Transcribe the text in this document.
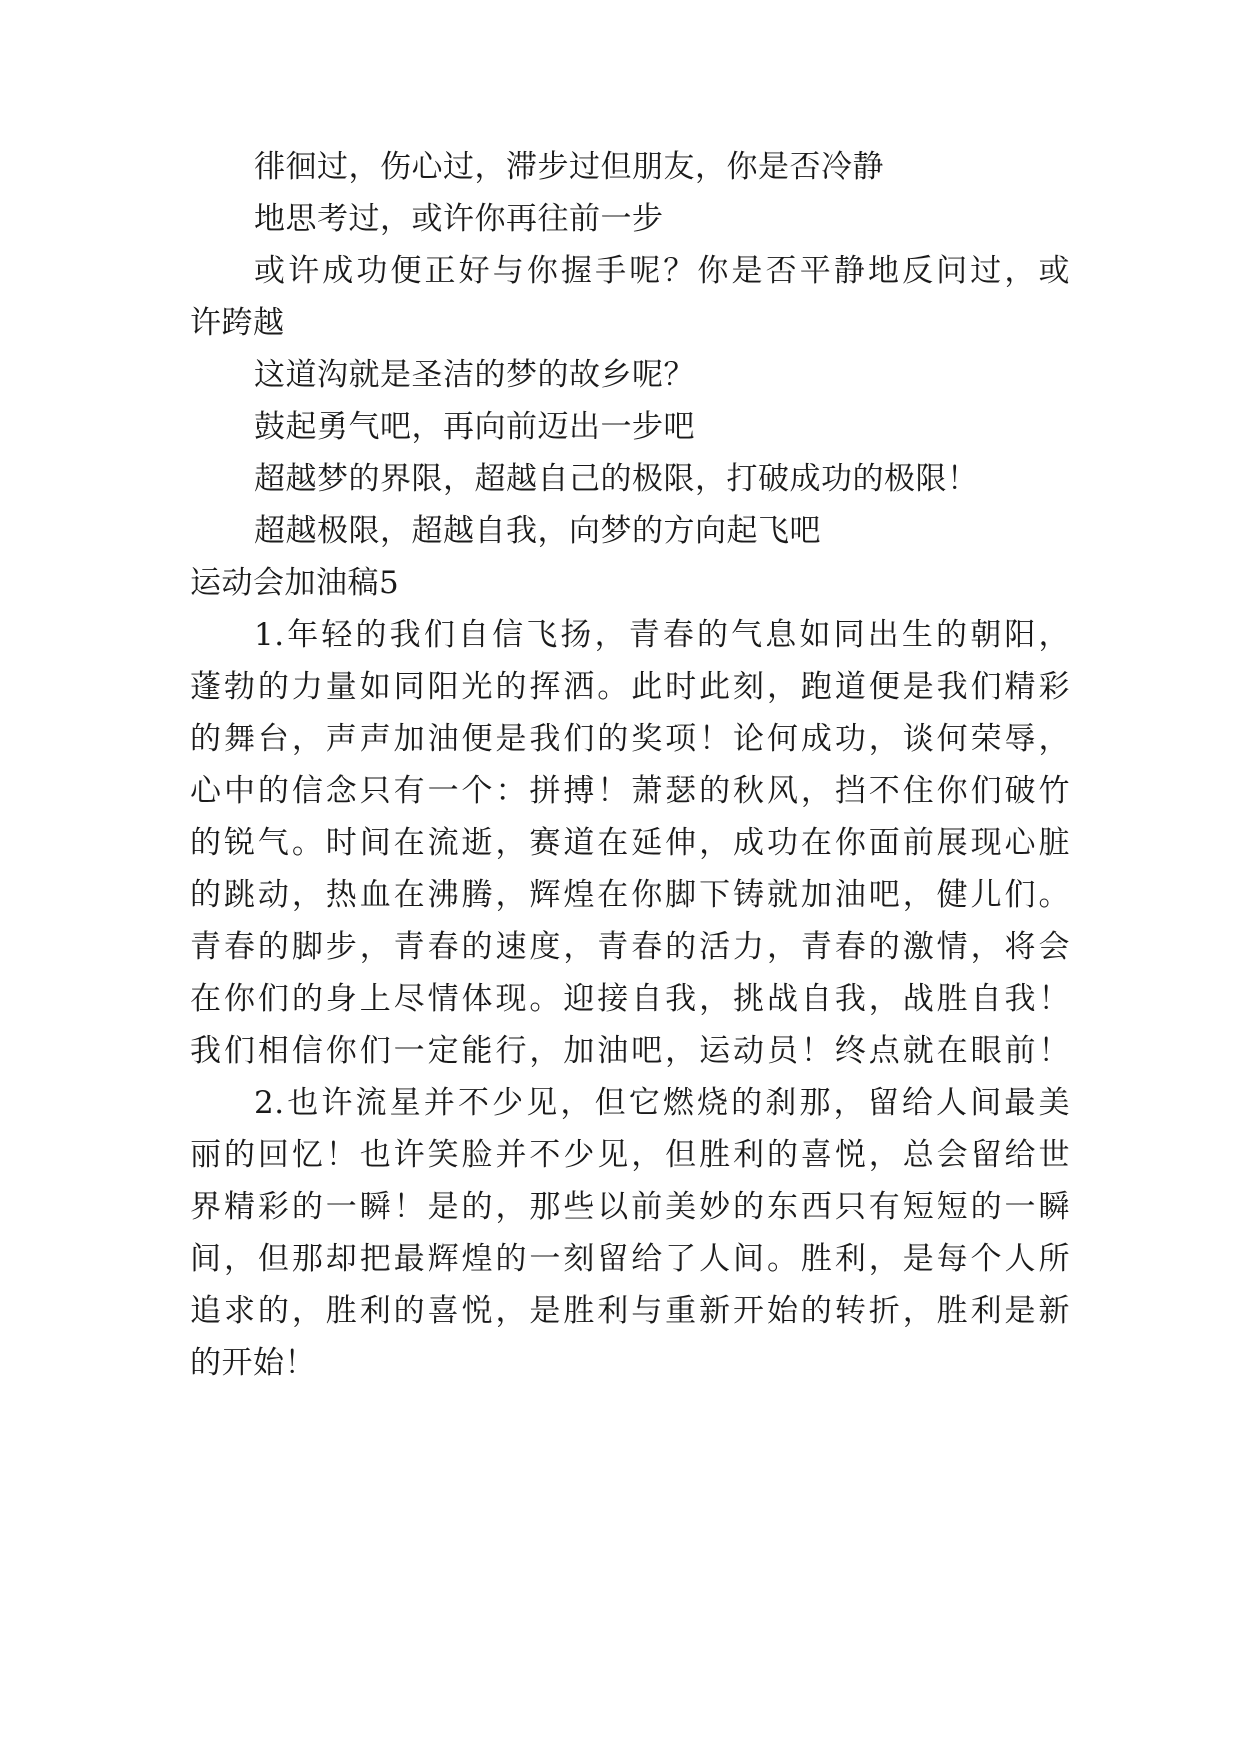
徘徊过，伤心过，滞步过但朋友，你是否冷静
地思考过，或许你再往前一步
或许成功便正好与你握手呢？你是否平静地反问过，或
许跨越
这道沟就是圣洁的梦的故乡呢？
鼓起勇气吧，再向前迈出一步吧
超越梦的界限，超越自己的极限，打破成功的极限！
超越极限，超越自我，向梦的方向起飞吧
运动会加油稿5
1.年轻的我们自信飞扬，青春的气息如同出生的朝阳，
蓬勃的力量如同阳光的挥洒。此时此刻，跑道便是我们精彩
的舞台，声声加油便是我们的奖项！论何成功，谈何荣辱，
心中的信念只有一个：拼搏！萧瑟的秋风，挡不住你们破竹
的锐气。时间在流逝，赛道在延伸，成功在你面前展现心脏
的跳动，热血在沸腾，辉煌在你脚下铸就加油吧，健儿们。
青春的脚步，青春的速度，青春的活力，青春的激情，将会
在你们的身上尽情体现。迎接自我，挑战自我，战胜自我！
我们相信你们一定能行，加油吧，运动员！终点就在眼前！
2.也许流星并不少见，但它燃烧的刹那，留给人间最美
丽的回忆！也许笑脸并不少见，但胜利的喜悦，总会留给世
界精彩的一瞬！是的，那些以前美妙的东西只有短短的一瞬
间，但那却把最辉煌的一刻留给了人间。胜利，是每个人所
追求的，胜利的喜悦，是胜利与重新开始的转折，胜利是新
的开始！
